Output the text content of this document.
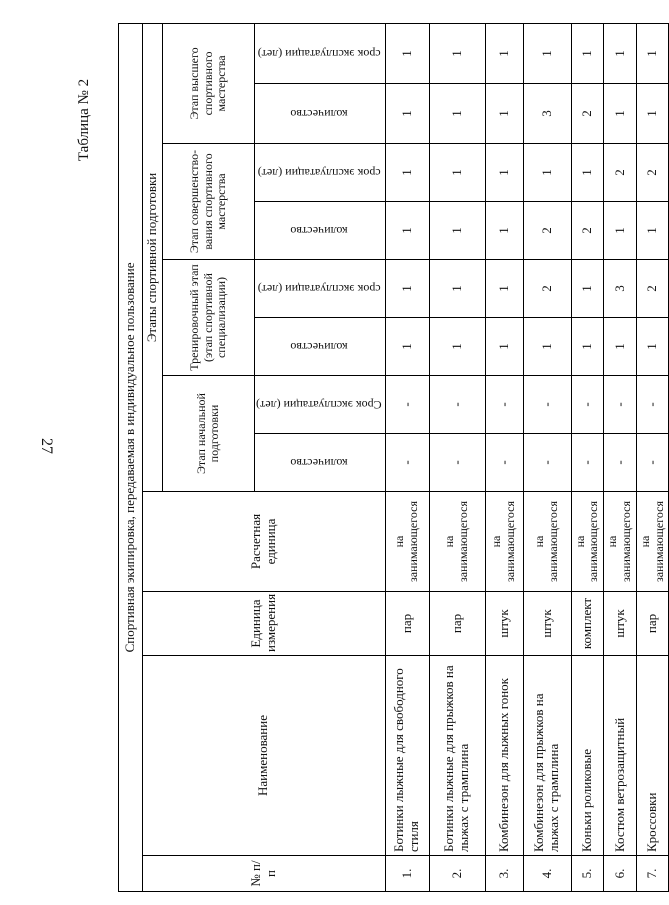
27
Таблица № 2
Спортивная экипировка, передаваемая в индивидуальное пользование											
№ п/п	Наименование	Единица измерения	Расчетная единица	Этапы спортивной подготовки							
				Этап начальной подготовки		Тренировочный этап (этап спортивной специализации)		Этап совершенство-вания спортивного мастерства		Этап высшего спортивного мастерства	
				количество	Срок эксплуатации (лет)	количество	срок эксплуатации (лет)	количество	срок эксплуатации (лет)	количество	срок эксплуатации (лет)
1.	Ботинки лыжные для свободного стиля	пар	на занимающегося	-	-	1	1	1	1	1	1
2.	Ботинки лыжные для прыжков на лыжах с трамплина	пар	на занимающегося	-	-	1	1	1	1	1	1
3.	Комбинезон для лыжных гонок	штук	на занимающегося	-	-	1	1	1	1	1	1
4.	Комбинезон для прыжков на лыжах с трамплина	штук	на занимающегося	-	-	1	2	2	1	3	1
5.	Коньки роликовые	комплект	на занимающегося	-	-	1	1	2	1	2	1
6.	Костюм ветрозащитный	штук	на занимающегося	-	-	1	3	1	2	1	1
7.	Кроссовки	пар	на занимающегося	-	-	1	2	1	2	1	1
